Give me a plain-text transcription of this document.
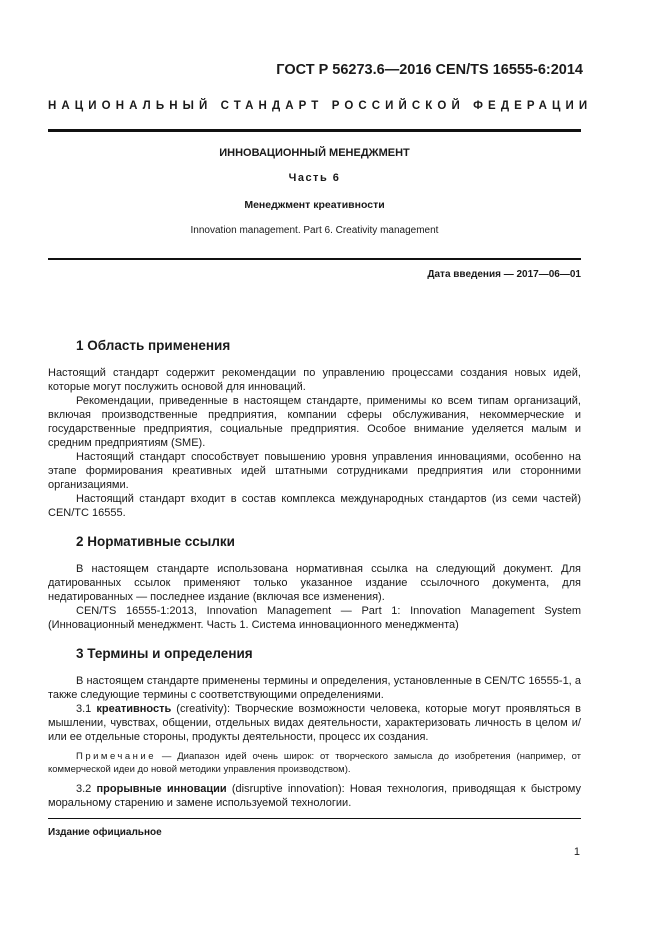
ГОСТ Р 56273.6—2016 CEN/TS 16555-6:2014
НАЦИОНАЛЬНЫЙ СТАНДАРТ РОССИЙСКОЙ ФЕДЕРАЦИИ
ИННОВАЦИОННЫЙ МЕНЕДЖМЕНТ
Часть 6
Менеджмент креативности
Innovation management. Part 6. Creativity management
Дата введения — 2017—06—01
1 Область применения

Настоящий стандарт содержит рекомендации по управлению процессами создания новых идей, которые могут послужить основой для инноваций.

Рекомендации, приведенные в настоящем стандарте, применимы ко всем типам организаций, включая производственные предприятия, компании сферы обслуживания, некоммерческие и государственные предприятия, социальные предприятия. Особое внимание уделяется малым и средним предприятиям (SME).

Настоящий стандарт способствует повышению уровня управления инновациями, особенно на этапе формирования креативных идей штатными сотрудниками предприятия или сторонними организациями.

Настоящий стандарт входит в состав комплекса международных стандартов (из семи частей) CEN/TC 16555.

2 Нормативные ссылки

В настоящем стандарте использована нормативная ссылка на следующий документ. Для датированных ссылок применяют только указанное издание ссылочного документа, для недатированных — последнее издание (включая все изменения).

CEN/TS 16555-1:2013, Innovation Management — Part 1: Innovation Management System (Инновационный менеджмент. Часть 1. Система инновационного менеджмента)

3 Термины и определения

В настоящем стандарте применены термины и определения, установленные в CEN/TC 16555-1, а также следующие термины с соответствующими определениями.

3.1 креативность (creativity): Творческие возможности человека, которые могут проявляться в мышлении, чувствах, общении, отдельных видах деятельности, характеризовать личность в целом и/или ее отдельные стороны, продукты деятельности, процесс их создания.

Примечание — Диапазон идей очень широк: от творческого замысла до изобретения (например, от коммерческой идеи до новой методики управления производством).

3.2 прорывные инновации (disruptive innovation): Новая технология, приводящая к быстрому моральному старению и замене используемой технологии.

Издание официальное
1
